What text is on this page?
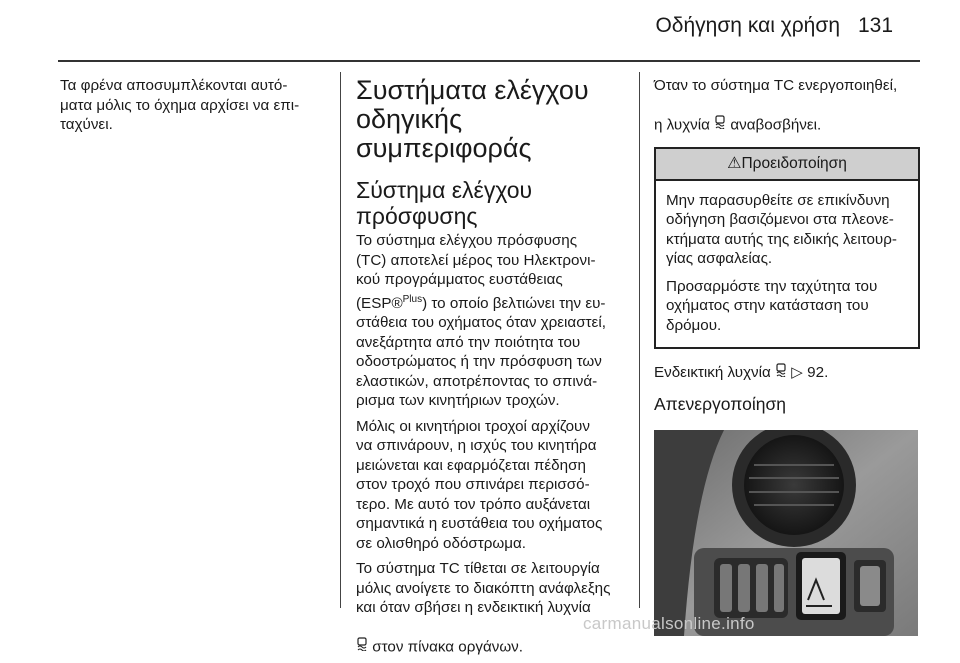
Οδήγηση και χρήση 131
Τα φρένα αποσυμπλέκονται αυτό-
ματα μόλις το όχημα αρχίσει να επι-
ταχύνει.
Συστήματα ελέγχου οδηγικής συμπεριφοράς
Σύστημα ελέγχου πρόσφυσης
Το σύστημα ελέγχου πρόσφυσης
(TC) αποτελεί μέρος του Ηλεκτρονι-
κού προγράμματος ευστάθειας
(ESP®$^{Plus}$) το οποίο βελτιώνει την ευ-
στάθεια του οχήματος όταν χρειαστεί,
ανεξάρτητα από την ποιότητα του
οδοστρώματος ή την πρόσφυση των
ελαστικών, αποτρέποντας το σπινά-
ρισμα των κινητήριων τροχών.
Μόλις οι κινητήριοι τροχοί αρχίζουν
να σπινάρουν, η ισχύς του κινητήρα
μειώνεται και εφαρμόζεται πέδηση
στον τροχό που σπινάρει περισσό-
τερο. Με αυτό τον τρόπο αυξάνεται
σημαντικά η ευστάθεια του οχήματος
σε ολισθηρό οδόστρωμα.
Το σύστημα TC τίθεται σε λειτουργία
μόλις ανοίγετε το διακόπτη ανάφλεξης
και όταν σβήσει η ενδεικτική λυχνία

στον πίνακα οργάνων.
Όταν το σύστημα TC ενεργοποιηθεί,
η λυχνία

αναβοσβήνει.
⚠Προειδοποίηση
Μην παρασυρθείτε σε επικίνδυνη
οδήγηση βασιζόμενοι στα πλεονε-
κτήματα αυτής της ειδικής λειτουρ-
γίας ασφαλείας.
Προσαρμόστε την ταχύτητα του
οχήματος στην κατάσταση του
δρόμου.
Ενδεικτική λυχνία  ▷ 92.
Απενεργοποίηση
carmanualsonline.info
